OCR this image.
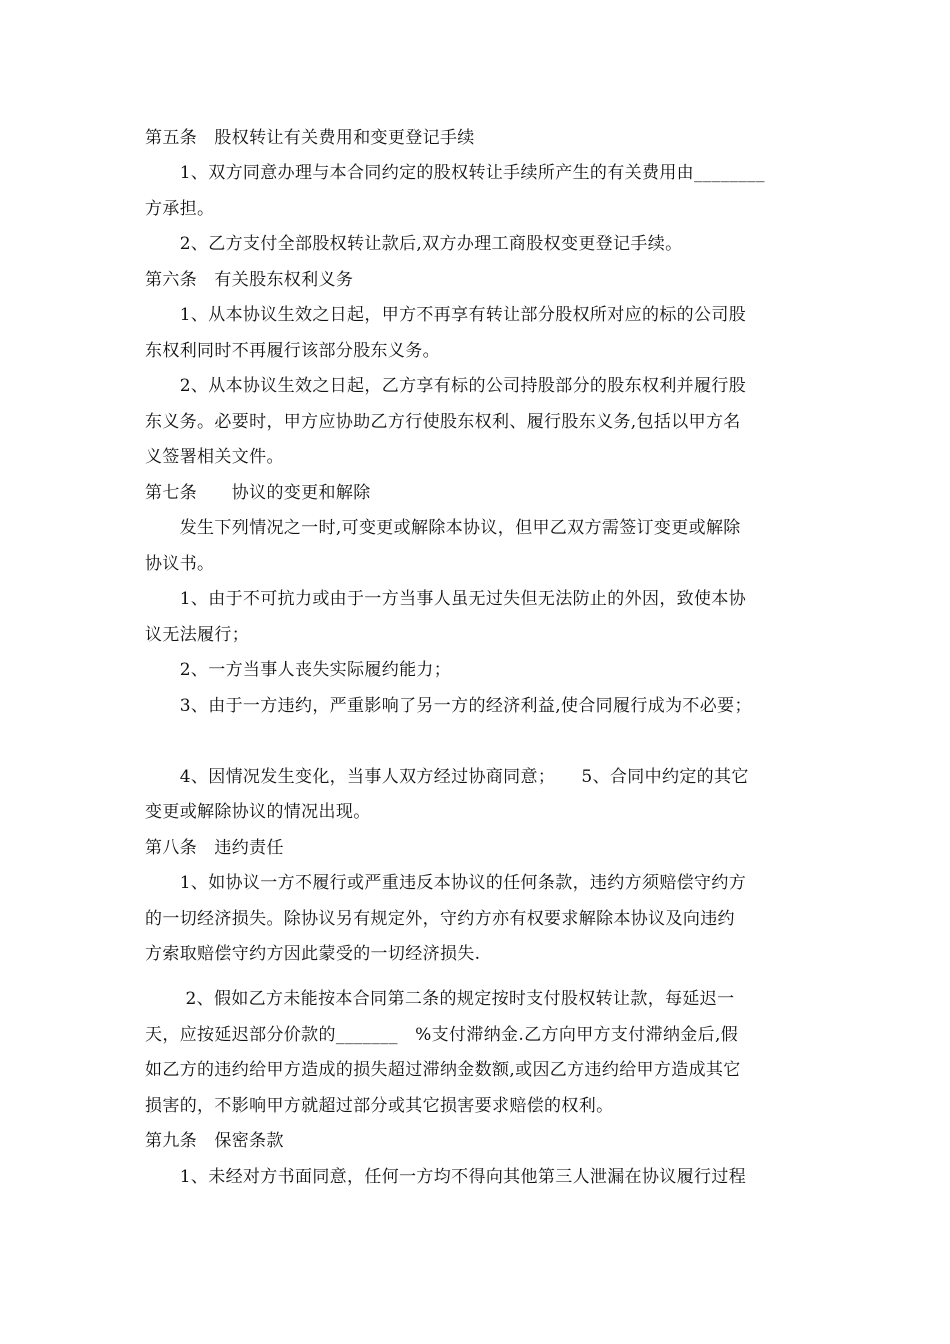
第五条　股权转让有关费用和变更登记手续
　　1、双方同意办理与本合同约定的股权转让手续所产生的有关费用由________
方承担。
　　2、乙方支付全部股权转让款后,双方办理工商股权变更登记手续。
第六条　有关股东权利义务
　　1、从本协议生效之日起，甲方不再享有转让部分股权所对应的标的公司股
东权利同时不再履行该部分股东义务。
　　2、从本协议生效之日起，乙方享有标的公司持股部分的股东权利并履行股
东义务。必要时，甲方应协助乙方行使股东权利、履行股东义务,包括以甲方名
义签署相关文件。
第七条　　协议的变更和解除
　　发生下列情况之一时,可变更或解除本协议，但甲乙双方需签订变更或解除
协议书。
　　1、由于不可抗力或由于一方当事人虽无过失但无法防止的外因，致使本协
议无法履行；
　　2、一方当事人丧失实际履约能力；
　　3、由于一方违约，严重影响了另一方的经济利益,使合同履行成为不必要；
　　4、因情况发生变化，当事人双方经过协商同意；　　5、合同中约定的其它
变更或解除协议的情况出现。
第八条　违约责任
　　1、如协议一方不履行或严重违反本协议的任何条款，违约方须赔偿守约方
的一切经济损失。除协议另有规定外，守约方亦有权要求解除本协议及向违约
方索取赔偿守约方因此蒙受的一切经济损失.
　　 2、假如乙方未能按本合同第二条的规定按时支付股权转让款，每延迟一
天，应按延迟部分价款的_______　%支付滞纳金.乙方向甲方支付滞纳金后,假
如乙方的违约给甲方造成的损失超过滞纳金数额,或因乙方违约给甲方造成其它
损害的，不影响甲方就超过部分或其它损害要求赔偿的权利。
第九条　保密条款
　　1、未经对方书面同意，任何一方均不得向其他第三人泄漏在协议履行过程
